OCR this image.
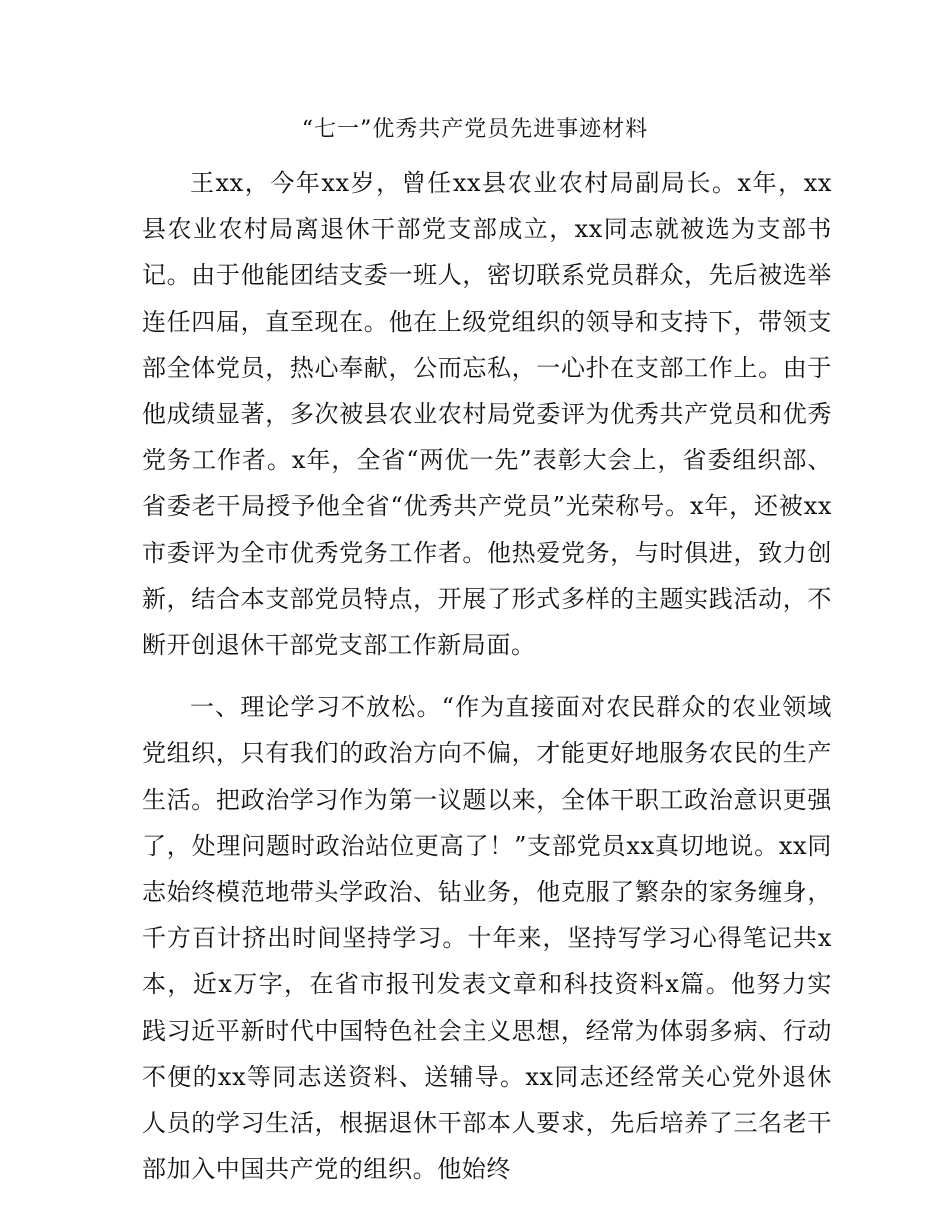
“七一”优秀共产党员先进事迹材料

王xx，今年xx岁，曾任xx县农业农村局副局长。x年，xx县农业农村局离退休干部党支部成立，xx同志就被选为支部书记。由于他能团结支委一班人，密切联系党员群众，先后被选举连任四届，直至现在。他在上级党组织的领导和支持下，带领支部全体党员，热心奉献，公而忘私，一心扑在支部工作上。由于他成绩显著，多次被县农业农村局党委评为优秀共产党员和优秀党务工作者。x年，全省“两优一先”表彰大会上，省委组织部、省委老干局授予他全省“优秀共产党员”光荣称号。x年，还被xx市委评为全市优秀党务工作者。他热爱党务，与时俱进，致力创新，结合本支部党员特点，开展了形式多样的主题实践活动，不断开创退休干部党支部工作新局面。

一、理论学习不放松。“作为直接面对农民群众的农业领域党组织，只有我们的政治方向不偏，才能更好地服务农民的生产生活。把政治学习作为第一议题以来，全体干职工政治意识更强了，处理问题时政治站位更高了！”支部党员xx真切地说。xx同志始终模范地带头学政治、钻业务，他克服了繁杂的家务缠身，千方百计挤出时间坚持学习。十年来，坚持写学习心得笔记共x本，近x万字，在省市报刊发表文章和科技资料x篇。他努力实践习近平新时代中国特色社会主义思想，经常为体弱多病、行动不便的xx等同志送资料、送辅导。xx同志还经常关心党外退休人员的学习生活，根据退休干部本人要求，先后培养了三名老干部加入中国共产党的组织。他始终
